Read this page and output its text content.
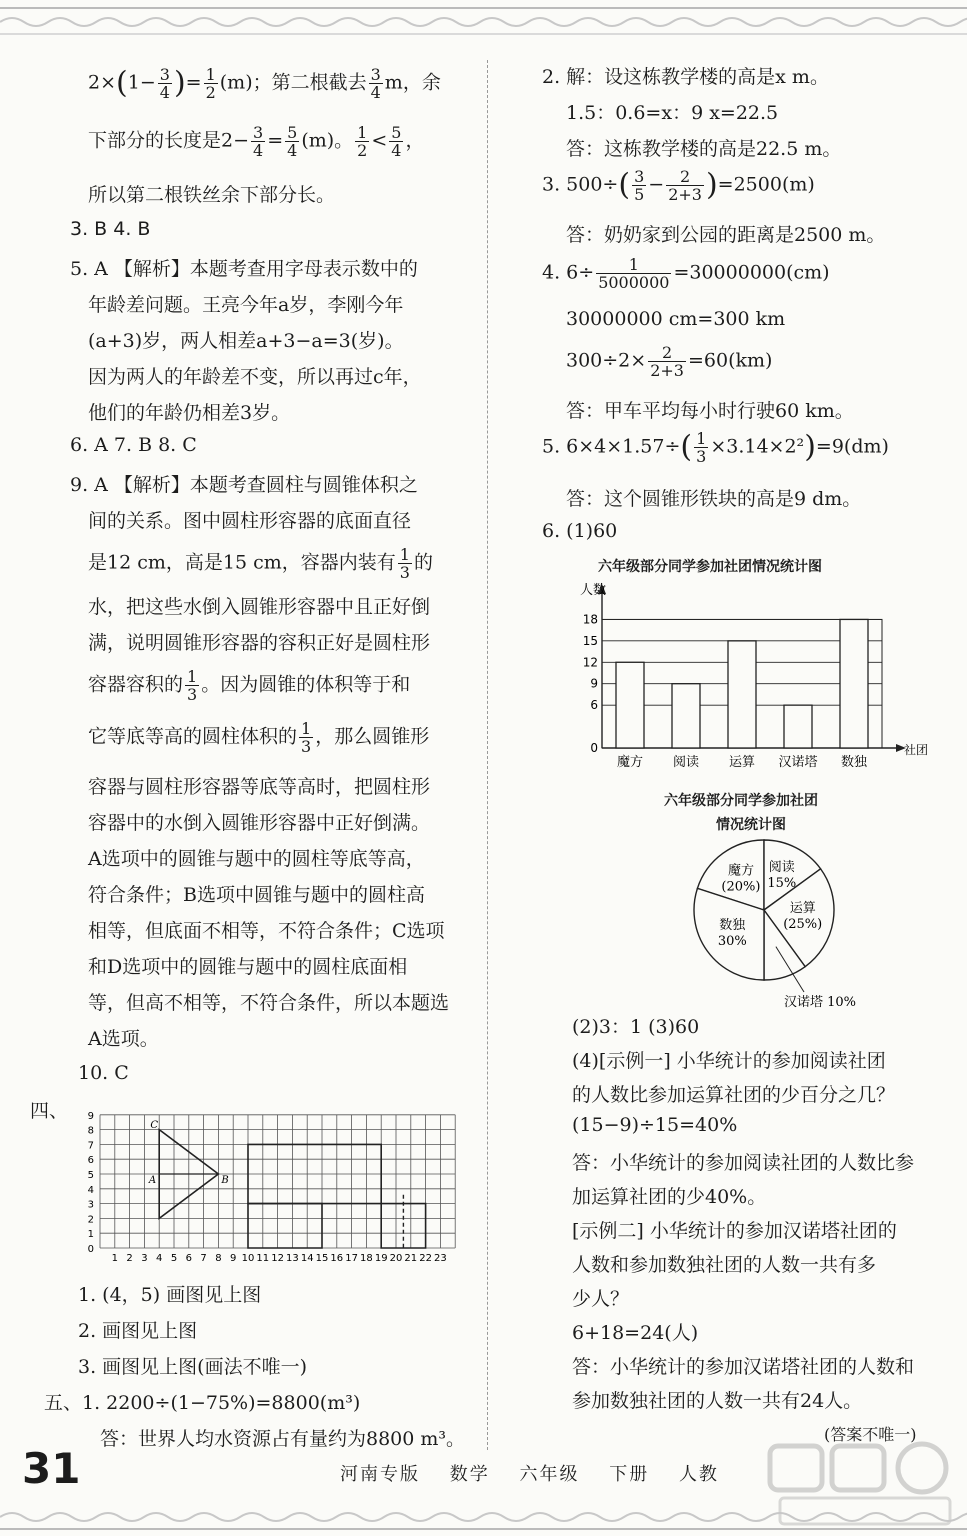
$2\times(1- \frac{3}{4}$ )= $\frac{1}{2} (m)$；第二根截去 $\frac{3}{4}$ m，余
下部分的长度是$2- \frac{3}{4} = \frac{5}{4} (m)$。 $\frac{1}{2} < \frac{5}{4}$ ，
所以第二根铁丝余下部分长。
3. B 4. B
5. A 【解析】本题考查用字母表示数中的
年龄差问题。王亮今年a岁，李刚今年
(a+3)岁，两人相差a+3−a=3(岁)。
因为两人的年龄差不变，所以再过c年，
他们的年龄仍相差3岁。
6. A 7. B 8. C
9. A 【解析】本题考查圆柱与圆锥体积之
间的关系。图中圆柱形容器的底面直径
是12 cm，高是15 cm，容器内装有 $\frac{1}{3}$ 的
水，把这些水倒入圆锥形容器中且正好倒
满，说明圆锥形容器的容积正好是圆柱形
容器容积的 $\frac{1}{3}$ 。因为圆锥的体积等于和
它等底等高的圆柱体积的 $\frac{1}{3}$ ，那么圆锥形
容器与圆柱形容器等底等高时，把圆柱形
容器中的水倒入圆锥形容器中正好倒满。
A选项中的圆锥与题中的圆柱等底等高，
符合条件；B选项中圆锥与题中的圆柱高
相等，但底面不相等，不符合条件；C选项
和D选项中的圆锥与题中的圆柱底面相
等，但高不相等，不符合条件，所以本题选
A选项。
10. C
四、
1 2 3 4 5 6 7 8 9 10 11 12 13 14 15 16 17 18 19 20 21 22 23
0
1
2
3
4
5
6
7
8
9
C
A	B
1. (4，5) 画图见上图
2. 画图见上图
3. 画图见上图(画法不唯一)
五、1. 2200÷(1−75%)=8800(m³)
答：世界人均水资源占有量约为8800 m³。
2. 解：设这栋教学楼的高是x m。
1.5：0.6=x：9 x=22.5
答：这栋教学楼的高是22.5 m。
3. $500\div( \frac{3}{5} - \frac{2}{2+3} )=2500(m)$
答：奶奶家到公园的距离是2500 m。
4. $6\div \frac{1}{5000000} =30000000(cm)$
30000000 cm=300 km
$300\div 2\times \frac{2}{2+3} =60(km)$
答：甲车平均每小时行驶60 km。
5. $6\times 4\times 1.57\div( \frac{1}{3} \times 3.14\times 2^2)=9(dm)$
答：这个圆锥形铁块的高是9 dm。
6. (1)60
六年级部分同学参加社团情况统计图
0
6
9
12
15
18
人数
社团
魔方 阅读 运算 汉诺塔 数独
六年级部分同学参加社团
情况统计图
魔方(20%)
阅读 15%
运算(25%)
汉诺塔 10%
数独 30%
(2)3：1 (3)60
(4)[示例一] 小华统计的参加阅读社团
的人数比参加运算社团的少百分之几？
(15−9)÷15=40%
答：小华统计的参加阅读社团的人数比参
加运算社团的少40%。
[示例二] 小华统计的参加汉诺塔社团的
人数和参加数独社团的人数一共有多
少人？
6+18=24(人)
答：小华统计的参加汉诺塔社团的人数和
参加数独社团的人数一共有24人。
(答案不唯一)
31	河南专版 数学 六年级 下册 人教
